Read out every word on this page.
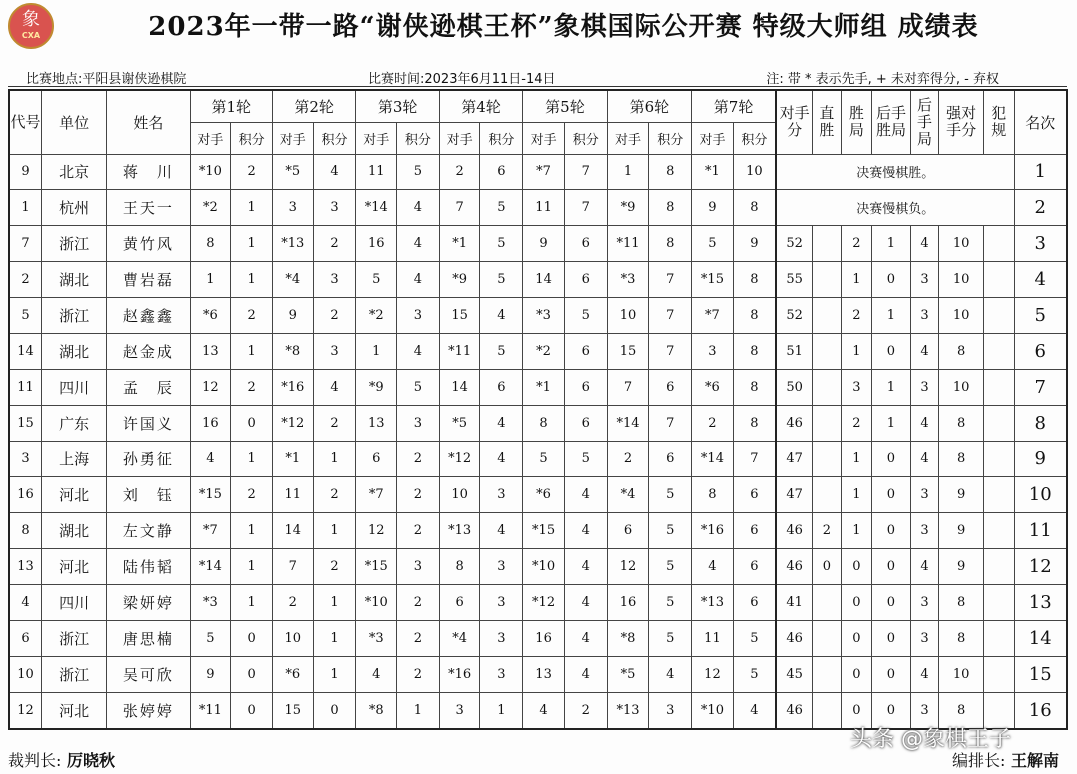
象
CXA	2023年一带一路“谢侠逊棋王杯”象棋国际公开赛 特级大师组 成绩表
比赛地点:平阳县谢侠逊棋院	比赛时间:2023年6月11日-14日	注: 带 * 表示先手, + 未对弈得分, - 弃权
代号	单位	姓名	第1轮		第2轮		第3轮		第4轮		第5轮		第6轮		第7轮		对手分	直胜	胜局	后手胜局	后手局	强对手分	犯规	名次
			对手	积分	对手	积分	对手	积分	对手	积分	对手	积分	对手	积分	对手	积分								
9	北京	蒋　川	*10	2	*5	4	11	5	2	6	*7	7	1	8	*1	10	决赛慢棋胜。							1
1	杭州	王天一	*2	1	3	3	*14	4	7	5	11	7	*9	8	9	8	决赛慢棋负。							2
7	浙江	黄竹风	8	1	*13	2	16	4	*1	5	9	6	*11	8	5	9	52		2	1	4	10		3
2	湖北	曹岩磊	1	1	*4	3	5	4	*9	5	14	6	*3	7	*15	8	55		1	0	3	10		4
5	浙江	赵鑫鑫	*6	2	9	2	*2	3	15	4	*3	5	10	7	*7	8	52		2	1	3	10		5
14	湖北	赵金成	13	1	*8	3	1	4	*11	5	*2	6	15	7	3	8	51		1	0	4	8		6
11	四川	孟　辰	12	2	*16	4	*9	5	14	6	*1	6	7	6	*6	8	50		3	1	3	10		7
15	广东	许国义	16	0	*12	2	13	3	*5	4	8	6	*14	7	2	8	46		2	1	4	8		8
3	上海	孙勇征	4	1	*1	1	6	2	*12	4	5	5	2	6	*14	7	47		1	0	4	8		9
16	河北	刘　钰	*15	2	11	2	*7	2	10	3	*6	4	*4	5	8	6	47		1	0	3	9		10
8	湖北	左文静	*7	1	14	1	12	2	*13	4	*15	4	6	5	*16	6	46	2	1	0	3	9		11
13	河北	陆伟韬	*14	1	7	2	*15	3	8	3	*10	4	12	5	4	6	46	0	0	0	4	9		12
4	四川	梁妍婷	*3	1	2	1	*10	2	6	3	*12	4	16	5	*13	6	41		0	0	3	8		13
6	浙江	唐思楠	5	0	10	1	*3	2	*4	3	16	4	*8	5	11	5	46		0	0	3	8		14
10	浙江	吴可欣	9	0	*6	1	4	2	*16	3	13	4	*5	4	12	5	45		0	0	4	10		15
12	河北	张婷婷	*11	0	15	0	*8	1	3	1	4	2	*13	3	*10	4	46		0	0	3	8		16
裁判长: 厉晓秋	编排长: 王解南
头条 @象棋王子
